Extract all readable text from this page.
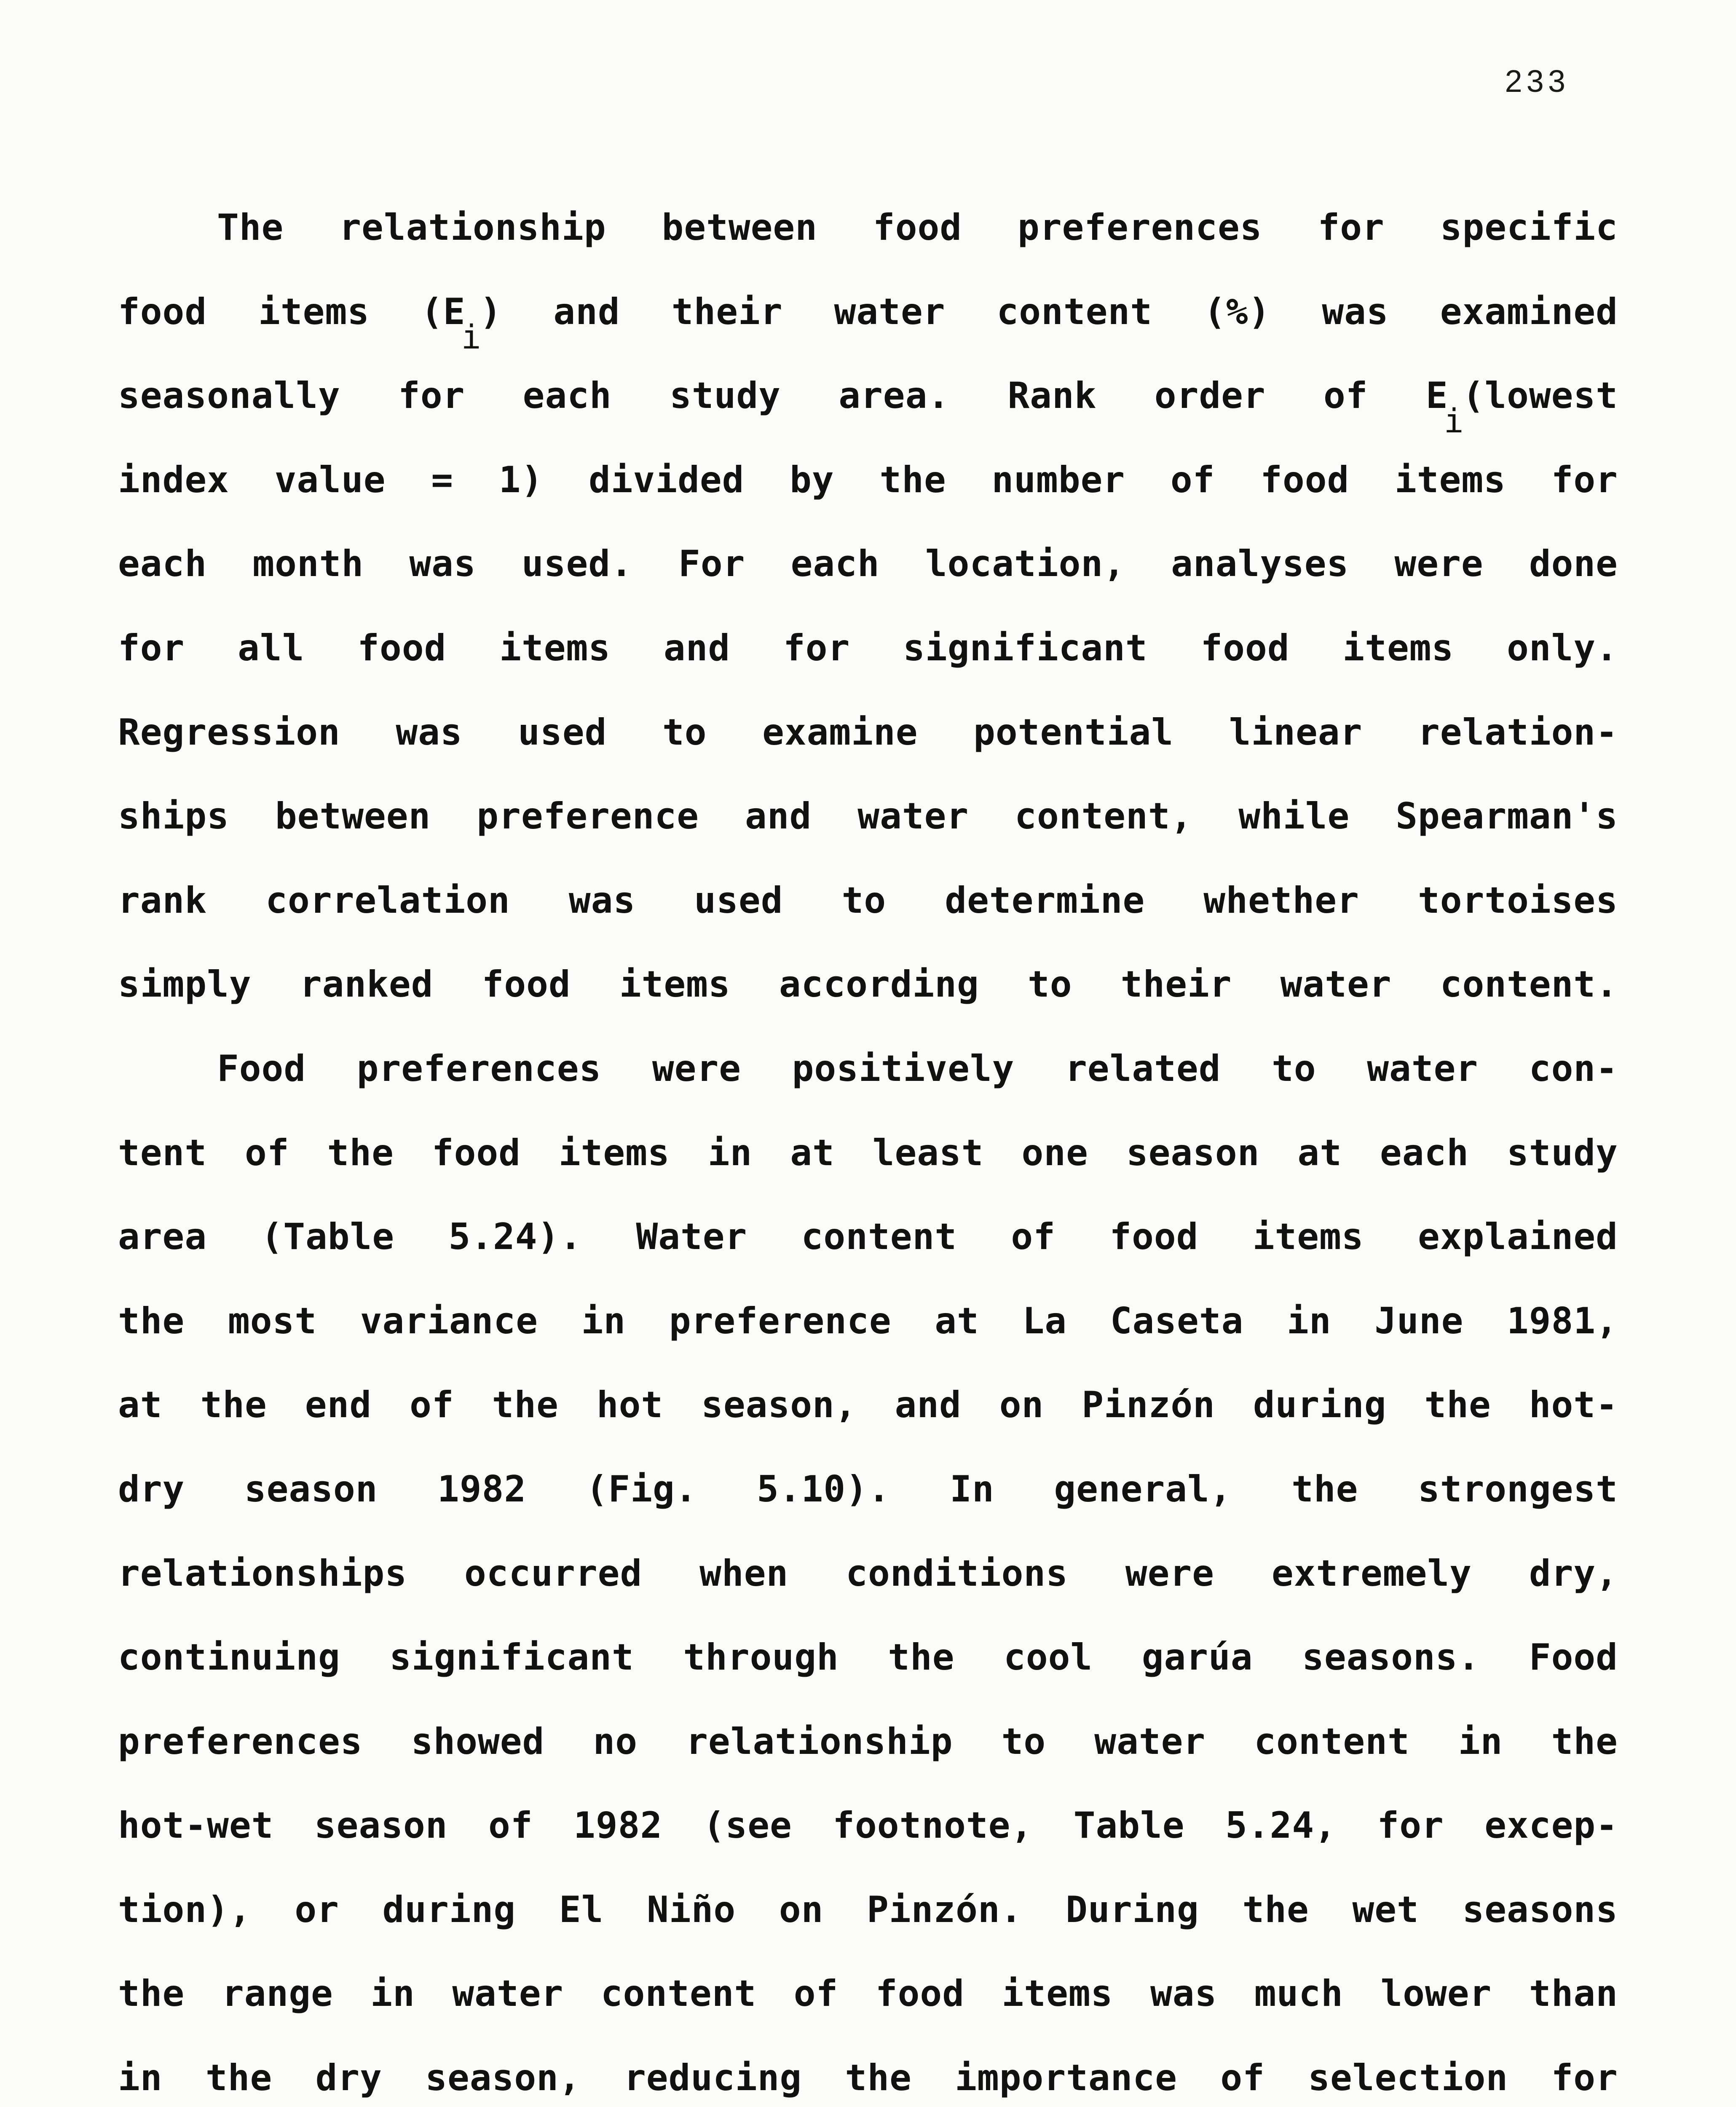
233
The relationship between food preferences for specific
food items (Ei) and their water content (%) was examined
seasonally for each study area. Rank order of Ei(lowest
index value = 1) divided by the number of food items for
each month was used. For each location, analyses were done
for all food items and for significant food items only.
Regression was used to examine potential linear relation-
ships between preference and water content, while Spearman's
rank correlation was used to determine whether tortoises
simply ranked food items according to their water content.
Food preferences were positively related to water con-
tent of the food items in at least one season at each study
area (Table 5.24). Water content of food items explained
the most variance in preference at La Caseta in June 1981,
at the end of the hot season, and on Pinzón during the hot-
dry season 1982 (Fig. 5.10). In general, the strongest
relationships occurred when conditions were extremely dry,
continuing significant through the cool garúa seasons. Food
preferences showed no relationship to water content in the
hot-wet season of 1982 (see footnote, Table 5.24, for excep-
tion), or during El Niño on Pinzón. During the wet seasons
the range in water content of food items was much lower than
in the dry season, reducing the importance of selection for
